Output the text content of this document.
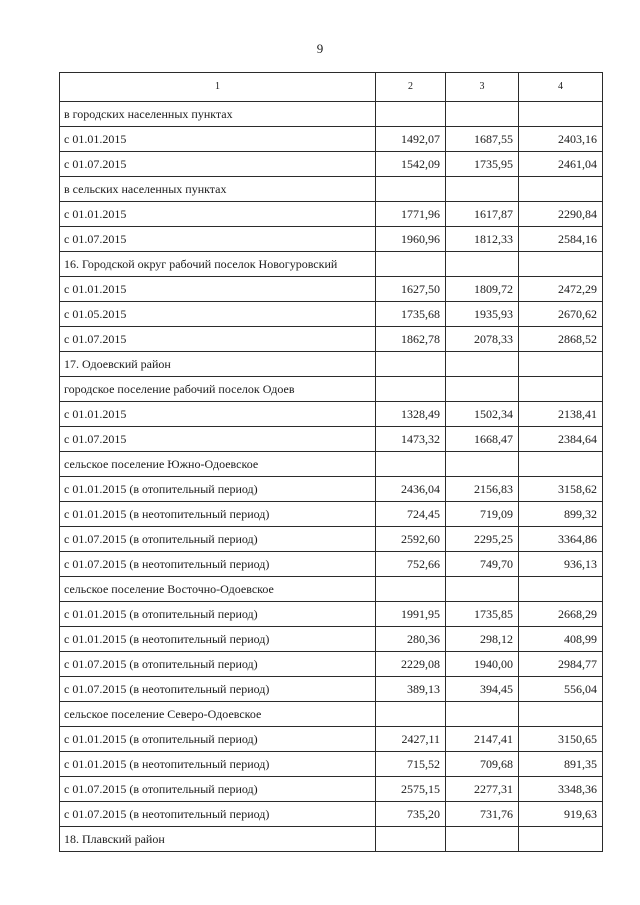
9
1	2	3	4
в городских населенных пунктах			
с 01.01.2015	1492,07	1687,55	2403,16
с 01.07.2015	1542,09	1735,95	2461,04
в сельских населенных пунктах			
с 01.01.2015	1771,96	1617,87	2290,84
с 01.07.2015	1960,96	1812,33	2584,16
16. Городской округ рабочий поселок Новогуровский			
с 01.01.2015	1627,50	1809,72	2472,29
с 01.05.2015	1735,68	1935,93	2670,62
с 01.07.2015	1862,78	2078,33	2868,52
17. Одоевский район			
городское поселение рабочий поселок Одоев			
с 01.01.2015	1328,49	1502,34	2138,41
с 01.07.2015	1473,32	1668,47	2384,64
сельское поселение Южно-Одоевское			
с 01.01.2015 (в отопительный период)	2436,04	2156,83	3158,62
с 01.01.2015 (в неотопительный период)	724,45	719,09	899,32
с 01.07.2015 (в отопительный период)	2592,60	2295,25	3364,86
с 01.07.2015 (в неотопительный период)	752,66	749,70	936,13
сельское поселение Восточно-Одоевское			
с 01.01.2015 (в отопительный период)	1991,95	1735,85	2668,29
с 01.01.2015 (в неотопительный период)	280,36	298,12	408,99
с 01.07.2015 (в отопительный период)	2229,08	1940,00	2984,77
с 01.07.2015 (в неотопительный период)	389,13	394,45	556,04
сельское поселение Северо-Одоевское			
с 01.01.2015 (в отопительный период)	2427,11	2147,41	3150,65
с 01.01.2015 (в неотопительный период)	715,52	709,68	891,35
с 01.07.2015 (в отопительный период)	2575,15	2277,31	3348,36
с 01.07.2015 (в неотопительный период)	735,20	731,76	919,63
18. Плавский район			
